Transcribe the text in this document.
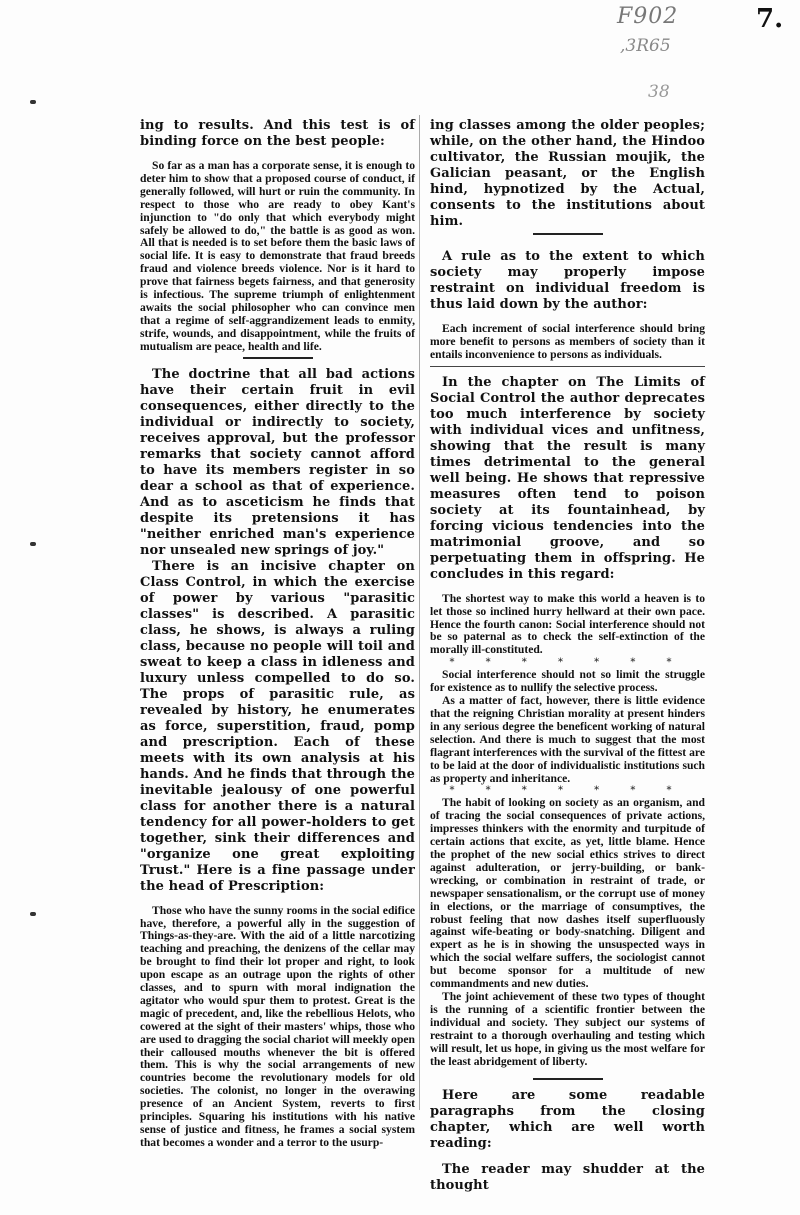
F902
,3R65
38
7.

ing to results. And this test is of binding force on the best people:

So far as a man has a corporate sense, it is enough to deter him to show that a proposed course of conduct, if generally followed, will hurt or ruin the community. In respect to those who are ready to obey Kant's injunction to "do only that which everybody might safely be allowed to do," the battle is as good as won. All that is needed is to set before them the basic laws of social life. It is easy to demonstrate that fraud breeds fraud and violence breeds violence. Nor is it hard to prove that fairness begets fairness, and that generosity is infectious. The supreme triumph of enlightenment awaits the social philosopher who can convince men that a regime of self-aggrandizement leads to enmity, strife, wounds, and disappointment, while the fruits of mutualism are peace, health and life.

The doctrine that all bad actions have their certain fruit in evil consequences, either directly to the individual or indirectly to society, receives approval, but the professor remarks that society cannot afford to have its members register in so dear a school as that of experience. And as to asceticism he finds that despite its pretensions it has "neither enriched man's experience nor unsealed new springs of joy."

There is an incisive chapter on Class Control, in which the exercise of power by various "parasitic classes" is described. A parasitic class, he shows, is always a ruling class, because no people will toil and sweat to keep a class in idleness and luxury unless compelled to do so. The props of parasitic rule, as revealed by history, he enumerates as force, superstition, fraud, pomp and prescription. Each of these meets with its own analysis at his hands. And he finds that through the inevitable jealousy of one powerful class for another there is a natural tendency for all power-holders to get together, sink their differences and "organize one great exploiting Trust." Here is a fine passage under the head of Prescription:

Those who have the sunny rooms in the social edifice have, therefore, a powerful ally in the suggestion of Things-as-they-are. With the aid of a little narcotizing teaching and preaching, the denizens of the cellar may be brought to find their lot proper and right, to look upon escape as an outrage upon the rights of other classes, and to spurn with moral indignation the agitator who would spur them to protest. Great is the magic of precedent, and, like the rebellious Helots, who cowered at the sight of their masters' whips, those who are used to dragging the social chariot will meekly open their calloused mouths whenever the bit is offered them. This is why the social arrangements of new countries become the revolutionary models for old societies. The colonist, no longer in the overawing presence of an Ancient System, reverts to first principles. Squaring his institutions with his native sense of justice and fitness, he frames a social system that becomes a wonder and a terror to the usurp-

ing classes among the older peoples; while, on the other hand, the Hindoo cultivator, the Russian moujik, the Galician peasant, or the English hind, hypnotized by the Actual, consents to the institutions about him.

A rule as to the extent to which society may properly impose restraint on individual freedom is thus laid down by the author:

Each increment of social interference should bring more benefit to persons as members of society than it entails inconvenience to persons as individuals.

In the chapter on The Limits of Social Control the author deprecates too much interference by society with individual vices and unfitness, showing that the result is many times detrimental to the general well being. He shows that repressive measures often tend to poison society at its fountainhead, by forcing vicious tendencies into the matrimonial groove, and so perpetuating them in offspring. He concludes in this regard:

The shortest way to make this world a heaven is to let those so inclined hurry hellward at their own pace. Hence the fourth canon: Social interference should not be so paternal as to check the self-extinction of the morally ill-constituted.

* * * * * * *

Social interference should not so limit the struggle for existence as to nullify the selective process.

As a matter of fact, however, there is little evidence that the reigning Christian morality at present hinders in any serious degree the beneficent working of natural selection. And there is much to suggest that the most flagrant interferences with the survival of the fittest are to be laid at the door of individualistic institutions such as property and inheritance.

* * * * * * *

The habit of looking on society as an organism, and of tracing the social consequences of private actions, impresses thinkers with the enormity and turpitude of certain actions that excite, as yet, little blame. Hence the prophet of the new social ethics strives to direct against adulteration, or jerry-building, or bank-wrecking, or combination in restraint of trade, or newspaper sensationalism, or the corrupt use of money in elections, or the marriage of consumptives, the robust feeling that now dashes itself superfluously against wife-beating or body-snatching. Diligent and expert as he is in showing the unsuspected ways in which the social welfare suffers, the sociologist cannot but become sponsor for a multitude of new commandments and new duties.

The joint achievement of these two types of thought is the running of a scientific frontier between the individual and society. They subject our systems of restraint to a thorough overhauling and testing which will result, let us hope, in giving us the most welfare for the least abridgement of liberty.

Here are some readable paragraphs from the closing chapter, which are well worth reading:

The reader may shudder at the thought
